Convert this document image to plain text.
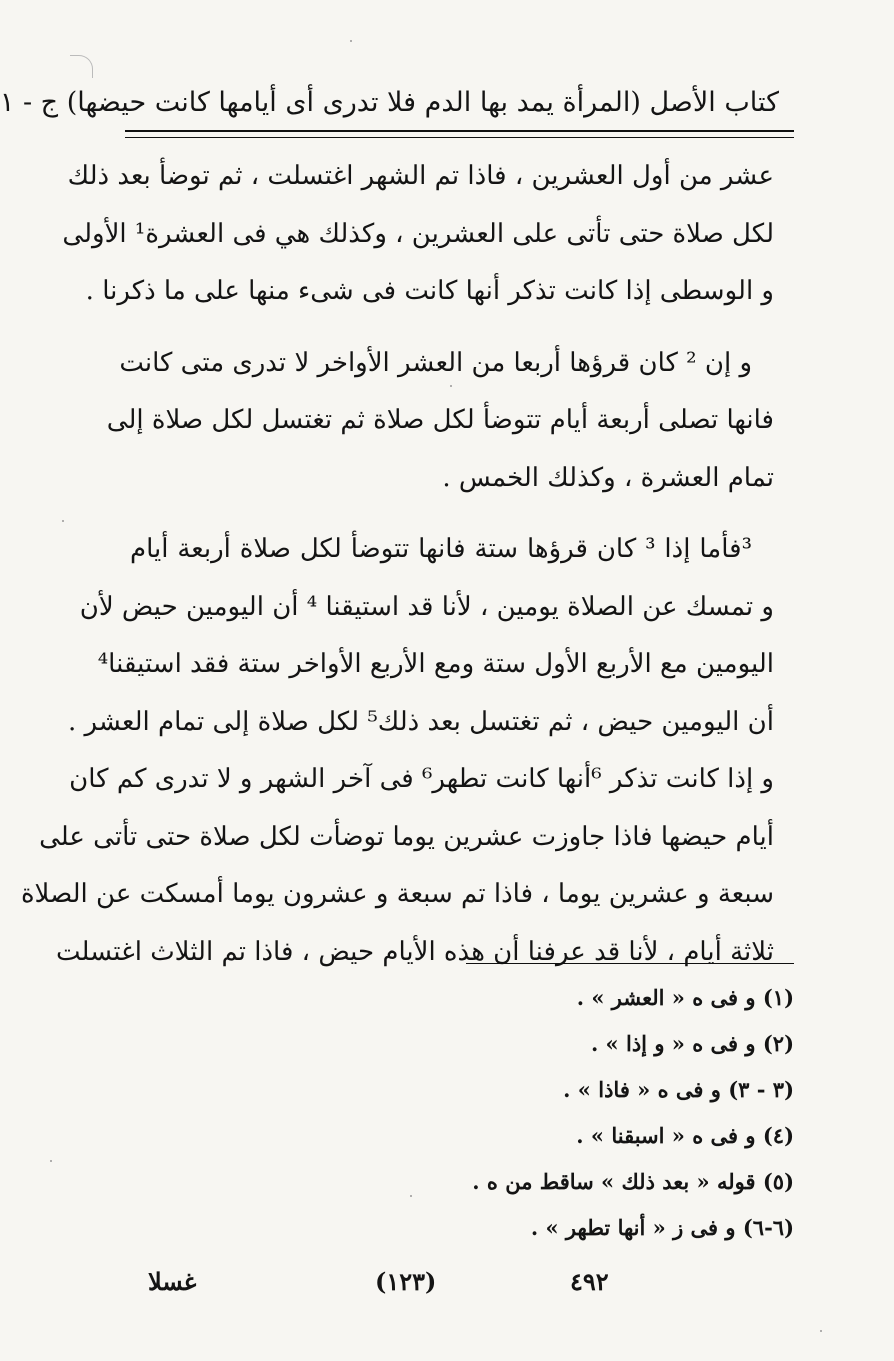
كتاب الأصل (المرأة يمد بها الدم فلا تدرى أى أيامها كانت حيضها) ج - ١
عشر من أول العشرين ، فاذا تم الشهر اغتسلت ، ثم توضأ بعد ذلك
لكل صلاة حتى تأتى على العشرين ، وكذلك هي فى العشرة¹ الأولى
و الوسطى إذا كانت تذكر أنها كانت فى شىء منها على ما ذكرنا .
و إن ² كان قرؤها أربعا من العشر الأواخر لا تدرى متى كانت
فانها تصلى أربعة أيام تتوضأ لكل صلاة ثم تغتسل لكل صلاة إلى
تمام العشرة ، وكذلك الخمس .
³فأما إذا ³ كان قرؤها ستة فانها تتوضأ لكل صلاة أربعة أيام
و تمسك عن الصلاة يومين ، لأنا قد استيقنا ⁴ أن اليومين حيض لأن
اليومين مع الأربع الأول ستة ومع الأربع الأواخر ستة فقد استيقنا⁴
أن اليومين حيض ، ثم تغتسل بعد ذلك⁵ لكل صلاة إلى تمام العشر .
و إذا كانت تذكر ⁶أنها كانت تطهر⁶ فى آخر الشهر و لا تدرى كم كان
أيام حيضها فاذا جاوزت عشرين يوما توضأت لكل صلاة حتى تأتى على
سبعة و عشرين يوما ، فاذا تم سبعة و عشرون يوما أمسكت عن الصلاة
ثلاثة أيام ، لأنا قد عرفنا أن هذه الأيام حيض ، فاذا تم الثلاث اغتسلت
(١) و فى ه « العشر » .
(٢) و فى ه « و إذا » .
(٣ - ٣) و فى ه « فاذا » .
(٤) و فى ه « اسبقنا » .
(٥) قوله « بعد ذلك » ساقط من ه .
(٦-٦) و فى ز « أنها تطهر » .
٤٩٢
(١٢٣)
غسلا
